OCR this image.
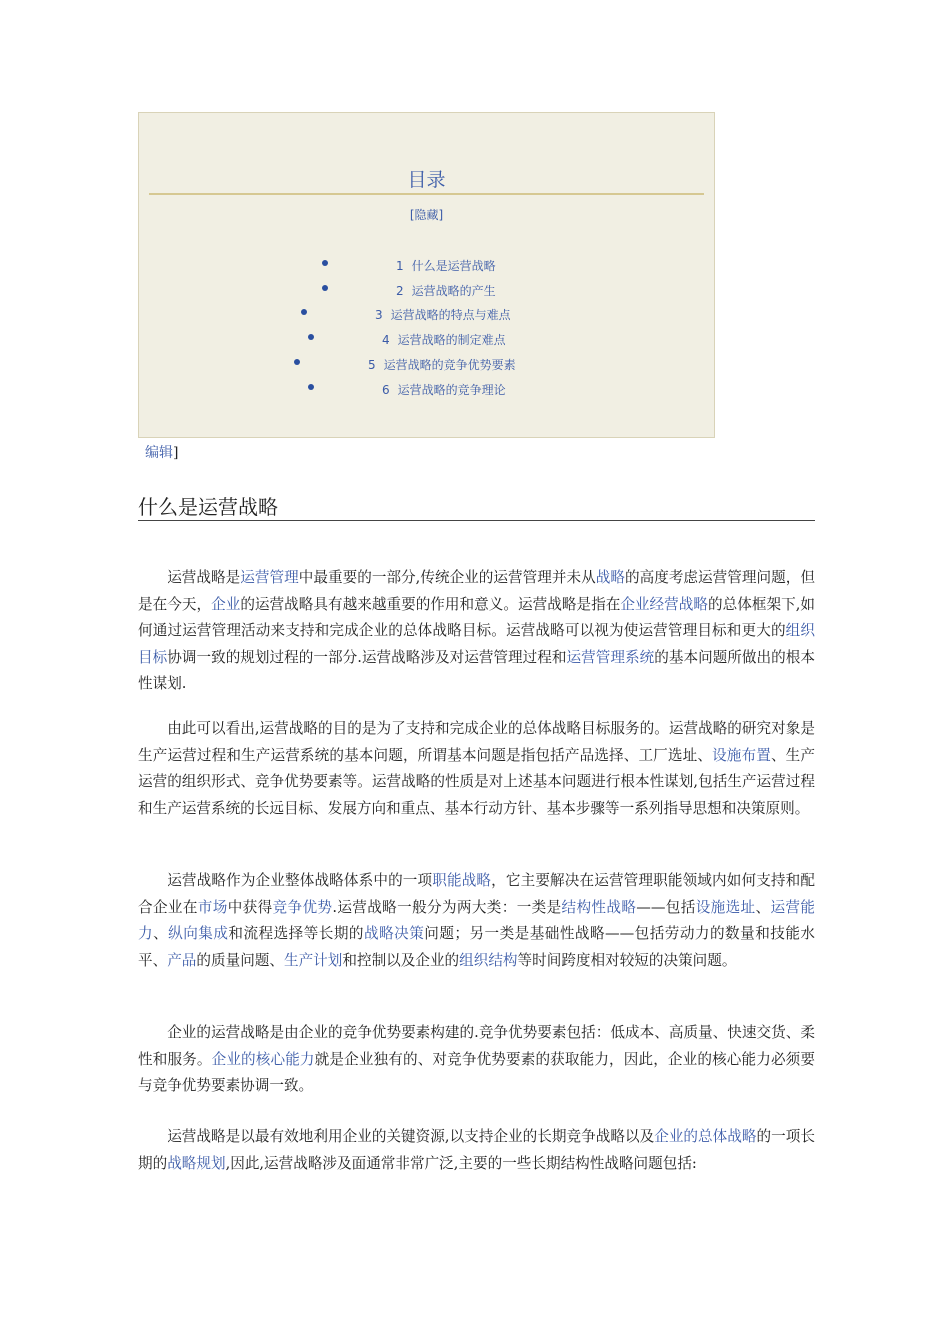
目录
[隐藏]
1 什么是运营战略
2 运营战略的产生
3 运营战略的特点与难点
4 运营战略的制定难点
5 运营战略的竞争优势要素
6 运营战略的竞争理论
编辑]
什么是运营战略

运营战略是运营管理中最重要的一部分,传统企业的运营管理并未从战略的高度考虑运营管理问题，但是在今天，企业的运营战略具有越来越重要的作用和意义。运营战略是指在企业经营战略的总体框架下,如何通过运营管理活动来支持和完成企业的总体战略目标。运营战略可以视为使运营管理目标和更大的组织目标协调一致的规划过程的一部分.运营战略涉及对运营管理过程和运营管理系统的基本问题所做出的根本性谋划.

由此可以看出,运营战略的目的是为了支持和完成企业的总体战略目标服务的。运营战略的研究对象是生产运营过程和生产运营系统的基本问题，所谓基本问题是指包括产品选择、工厂选址、设施布置、生产运营的组织形式、竞争优势要素等。运营战略的性质是对上述基本问题进行根本性谋划,包括生产运营过程和生产运营系统的长远目标、发展方向和重点、基本行动方针、基本步骤等一系列指导思想和决策原则。

运营战略作为企业整体战略体系中的一项职能战略，它主要解决在运营管理职能领域内如何支持和配合企业在市场中获得竞争优势.运营战略一般分为两大类：一类是结构性战略——包括设施选址、运营能力、纵向集成和流程选择等长期的战略决策问题；另一类是基础性战略——包括劳动力的数量和技能水平、产品的质量问题、生产计划和控制以及企业的组织结构等时间跨度相对较短的决策问题。

企业的运营战略是由企业的竞争优势要素构建的.竞争优势要素包括：低成本、高质量、快速交货、柔性和服务。企业的核心能力就是企业独有的、对竞争优势要素的获取能力，因此，企业的核心能力必须要与竞争优势要素协调一致。

运营战略是以最有效地利用企业的关键资源,以支持企业的长期竞争战略以及企业的总体战略的一项长期的战略规划,因此,运营战略涉及面通常非常广泛,主要的一些长期结构性战略问题包括:
